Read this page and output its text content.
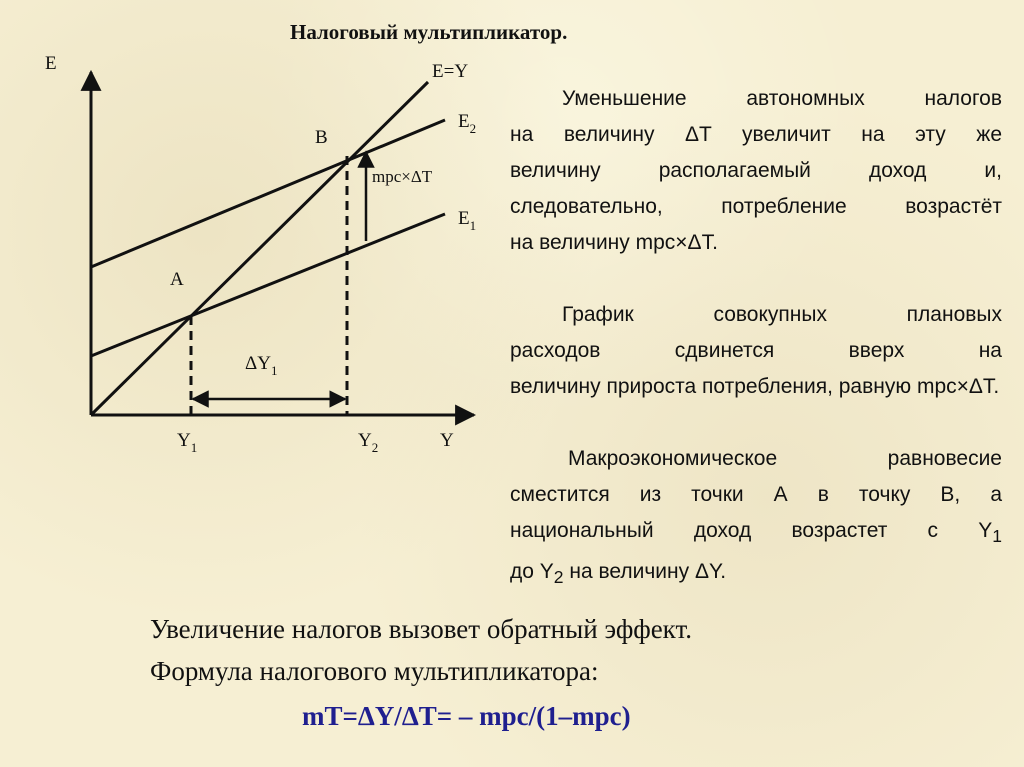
Налоговый мультипликатор.
E
Y
E=Y
$E_2$
$E_1$
A
B
mpc×ΔT
$\Delta Y_1$
$Y_1$	$Y_2$

Уменьшение автономных налогов на величину ΔT увеличит на эту же величину располагаемый доход и, следовательно, потребление возрастёт на величину mpc×ΔT.

График совокупных плановых расходов сдвинется вверх на величину прироста потребления, равную mpc×ΔT.

Макроэкономическое равновесие сместится из точки А в точку В, а национальный доход возрастет с $Y_1$ до $Y_2$ на величину ΔY.

Увеличение налогов вызовет обратный эффект.

Формула налогового мультипликатора:

mT=ΔY/ΔT= – mpc/(1–mpc)
